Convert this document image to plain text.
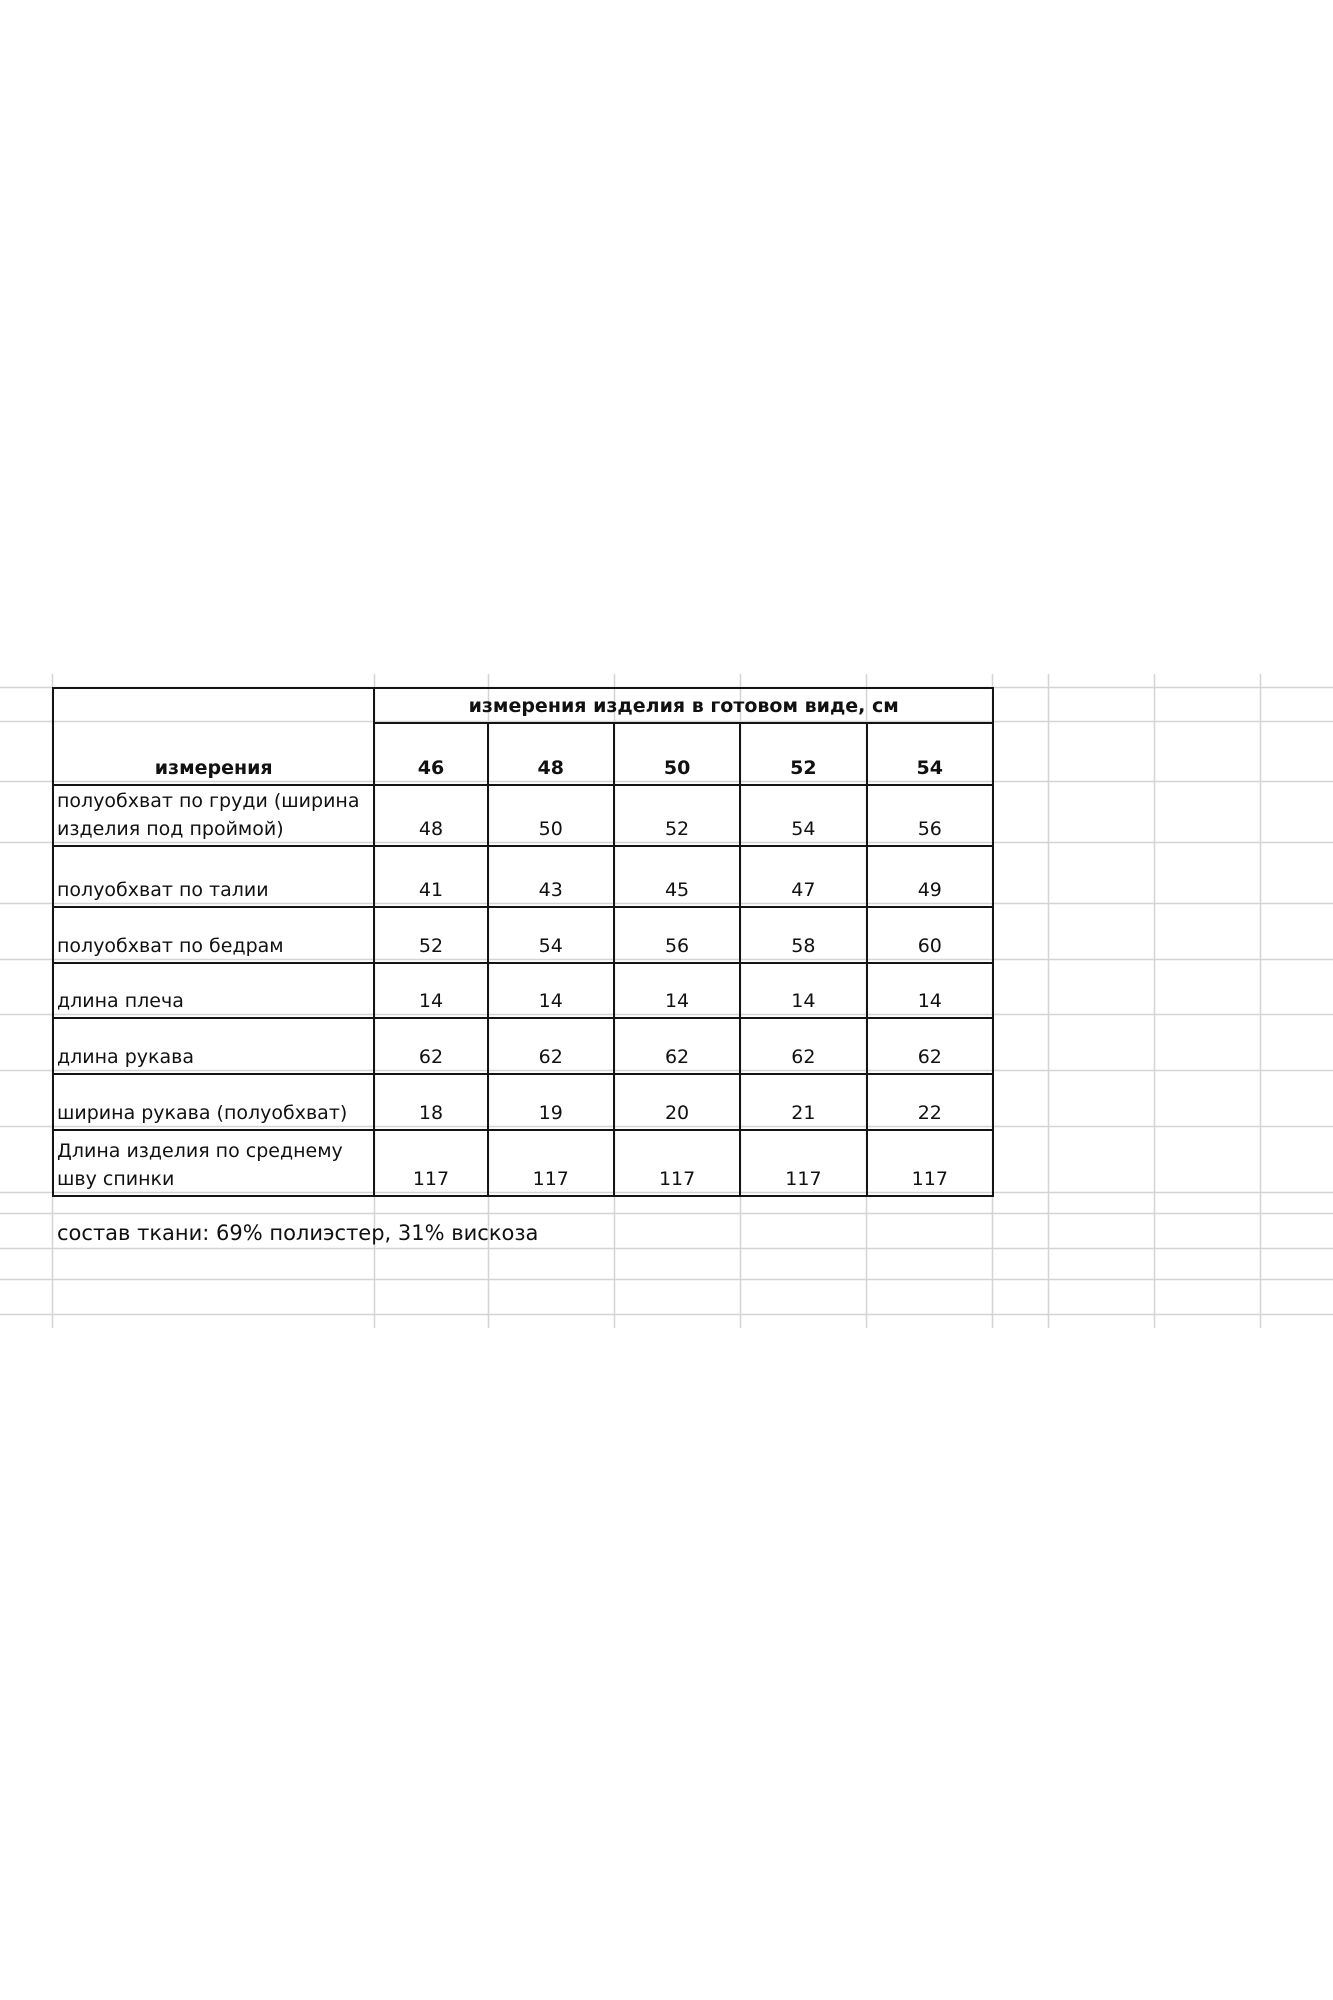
измерения	измерения изделия в готовом виде, см				
	46	48	50	52	54
полуобхват по груди (ширина изделия под проймой)	48	50	52	54	56
полуобхват по талии	41	43	45	47	49
полуобхват по бедрам	52	54	56	58	60
длина плеча	14	14	14	14	14
длина рукава	62	62	62	62	62
ширина рукава (полуобхват)	18	19	20	21	22
Длина изделия по среднему шву спинки	117	117	117	117	117
состав ткани: 69% полиэстер, 31% вискоза
